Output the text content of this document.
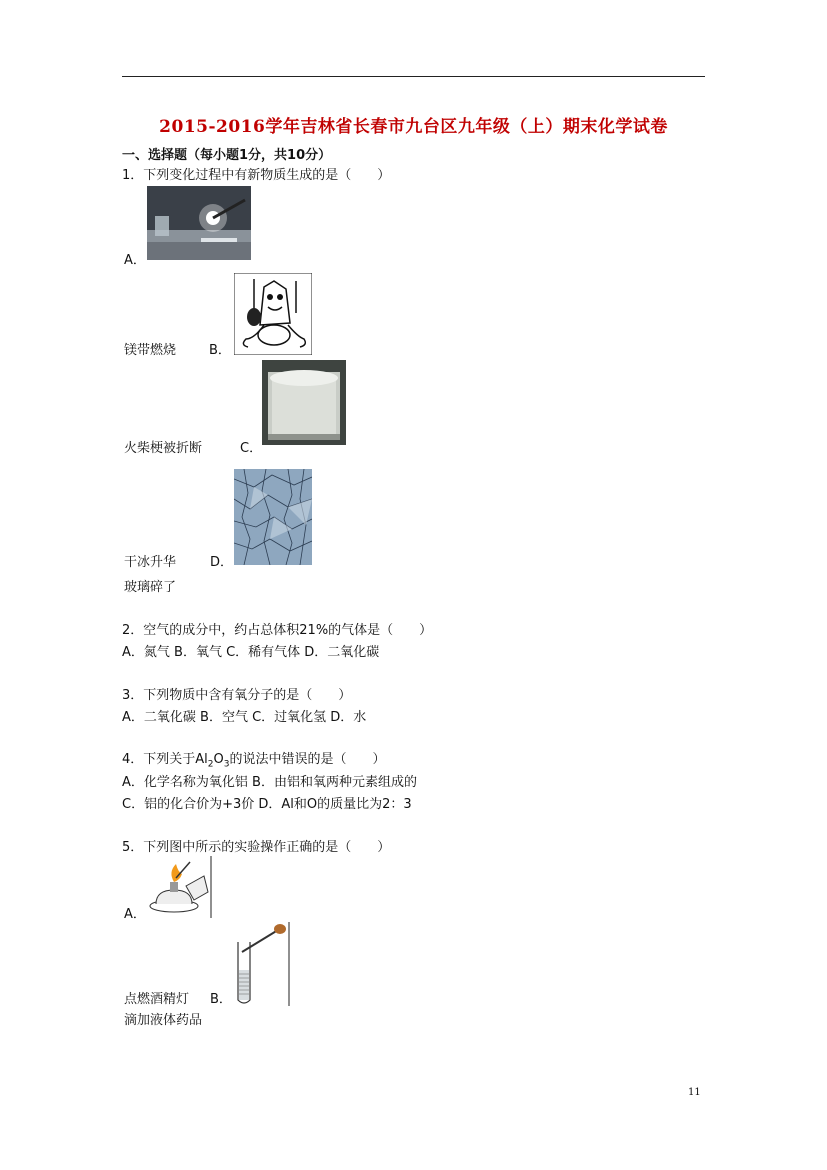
2015-2016学年吉林省长春市九台区九年级（上）期末化学试卷
一、选择题（每小题1分，共10分）
1．下列变化过程中有新物质生成的是（　　）
A．
镁带燃烧	B．
火柴梗被折断	C．
干冰升华	D．
玻璃碎了
2．空气的成分中，约占总体积21%的气体是（　　）
A．氮气 B．氧气 C．稀有气体 D．二氧化碳
3．下列物质中含有氧分子的是（　　）
A．二氧化碳 B．空气 C．过氧化氢 D．水
4．下列关于$Al_2O_3$的说法中错误的是（　　）
A．化学名称为氧化铝 B．由铝和氧两种元素组成的
C．铝的化合价为+3价 D．Al和O的质量比为2：3
5．下列图中所示的实验操作正确的是（　　）
A．
点燃酒精灯 B．
滴加液体药品
11
